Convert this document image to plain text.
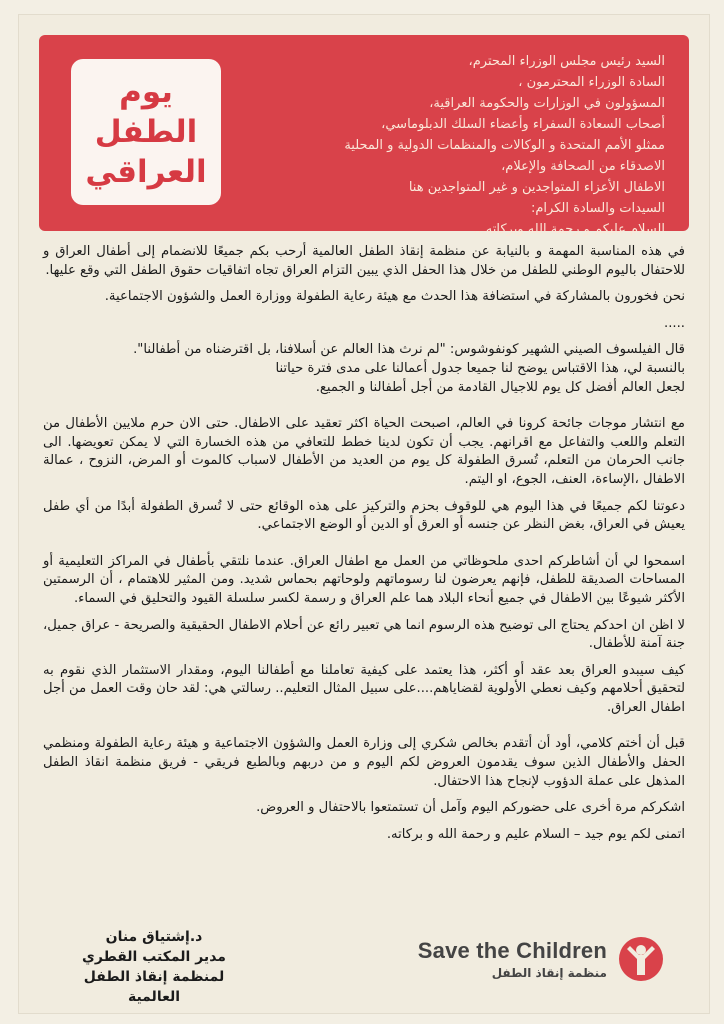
يوم
الطفل
العراقي
السيد رئيس مجلس الوزراء المحترم،
السادة الوزراء المحترمون ،
المسؤولون في الوزارات والحكومة العراقية،
أصحاب السعادة السفراء وأعضاء السلك الدبلوماسي،
ممثلو الأمم المتحدة و الوكالات والمنظمات الدولية و المحلية
الاصدقاء من الصحافة والإعلام،
الاطفال الأعزاء المتواجدين و غير المتواجدين هنا
السيدات والسادة الكرام:
السلام عليكم و رحمة الله وبركاته...

في هذه المناسبة المهمة و بالنيابة عن منظمة إنقاذ الطفل العالمية أرحب بكم جميعًا للانضمام إلى أطفال العراق و للاحتفال باليوم الوطني للطفل من خلال هذا الحفل الذي يبين التزام العراق تجاه اتفاقيات حقوق الطفل التي وقع عليها.

نحن فخورون بالمشاركة في استضافة هذا الحدث مع هيئة رعاية الطفولة ووزارة العمل والشؤون الاجتماعية.

.....

قال الفيلسوف الصيني الشهير كونفوشوس: "لم نرث هذا العالم عن أسلافنا، بل اقترضناه من أطفالنا".
بالنسبة لي، هذا الاقتباس يوضح لنا جميعا جدول أعمالنا على مدى فترة حياتنا
لجعل العالم أفضل كل يوم للاجيال القادمة من أجل أطفالنا و الجميع.

مع انتشار موجات جائحة كرونا في العالم، اصبحت الحياة اكثر تعقيد على الاطفال. حتى الان حرم ملايين الأطفال من التعلم واللعب والتفاعل مع اقرانهم. يجب أن تكون لدينا خطط للتعافي من هذه الخسارة التي لا يمكن تعويضها. الى جانب الحرمان من التعلم، تُسرق الطفولة كل يوم من العديد من الأطفال لاسباب كالموت أو المرض، النزوح ، عمالة الاطفال ،الإساءة، العنف، الجوع، او اليتم.

دعوتنا لكم جميعًا في هذا اليوم هي للوقوف بحزم والتركيز على هذه الوقائع حتى لا تُسرق الطفولة أبدًا من أي طفل يعيش في العراق، بغض النظر عن جنسه أو العرق أو الدين أو الوضع الاجتماعي.

اسمحوا لي أن أشاطركم احدى ملحوظاتي من العمل مع اطفال العراق. عندما نلتقي بأطفال في المراكز التعليمية أو المساحات الصديقة للطفل، فإنهم يعرضون لنا رسوماتهم ولوحاتهم بحماس شديد. ومن المثير للاهتمام ، أن الرسمتين الأكثر شيوعًا بين الاطفال في جميع أنحاء البلاد هما علم العراق و رسمة لكسر سلسلة القيود والتحليق في السماء.

لا اظن ان احدكم يحتاج الى توضيح هذه الرسوم انما هي تعبير رائع عن أحلام الاطفال الحقيقية والصريحة - عراق جميل، جنة آمنة للأطفال.

كيف سيبدو العراق بعد عقد أو أكثر، هذا يعتمد على كيفية تعاملنا مع أطفالنا اليوم، ومقدار الاستثمار الذي نقوم به لتحقيق أحلامهم وكيف نعطي الأولوية لقضاياهم....على سبيل المثال التعليم.. رسالتي هي: لقد حان وقت العمل من أجل اطفال العراق.

قبل أن أختم كلامي، أود أن أتقدم بخالص شكري إلى وزارة العمل والشؤون الاجتماعية و هيئة رعاية الطفولة ومنظمي الحفل والأطفال الذين سوف يقدمون العروض لكم اليوم و من دربهم وبالطبع فريقي - فريق منظمة انقاذ الطفل المذهل على عملة الدؤوب لإنجاح هذا الاحتفال.

اشكركم مرة أخرى على حضوركم اليوم وآمل أن تستمتعوا بالاحتفال و العروض.

اتمنى لكم يوم جيد – السلام عليم و رحمة الله و بركاته.

د.إشتياق منان
مدير المكتب القطري
لمنظمة إنقاذ الطفل العالمية
Save the Children
منظمة إنقاذ الطفل
